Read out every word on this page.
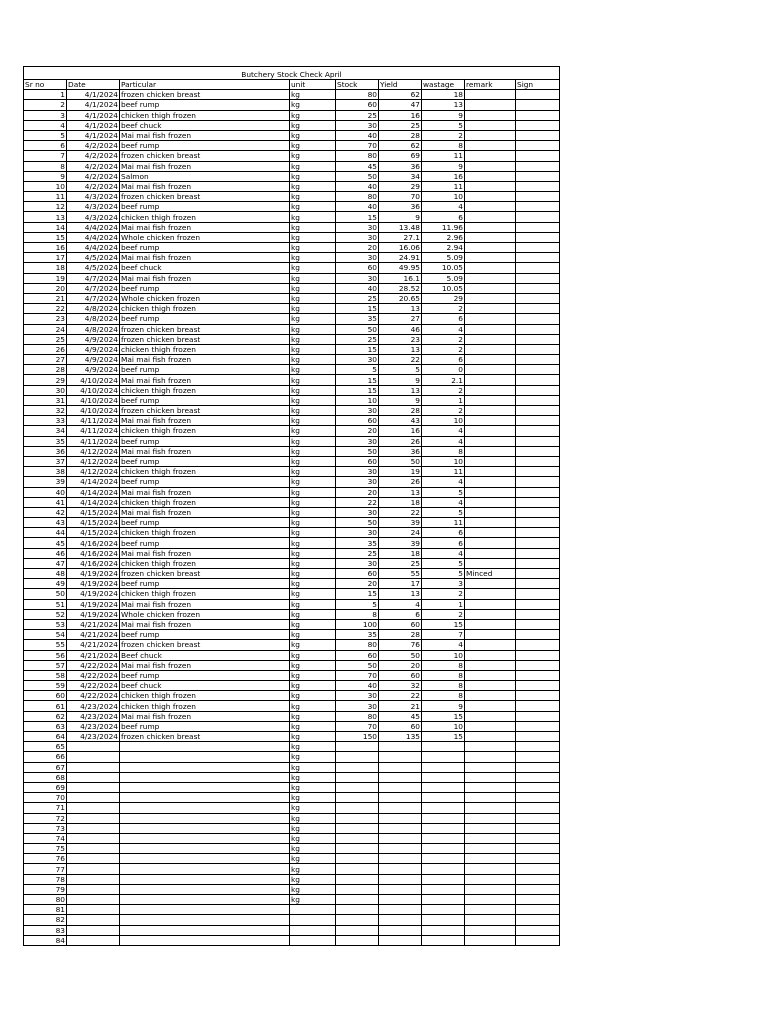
Butchery Stock Check April								
Sr no	Date	Particular	unit	Stock	Yield	wastage	remark	Sign
1	4/1/2024	frozen chicken breast	kg	80	62	18		
2	4/1/2024	beef rump	kg	60	47	13		
3	4/1/2024	chicken thigh frozen	kg	25	16	9		
4	4/1/2024	beef chuck	kg	30	25	5		
5	4/1/2024	Mai mai fish frozen	kg	40	28	2		
6	4/2/2024	beef rump	kg	70	62	8		
7	4/2/2024	frozen chicken breast	kg	80	69	11		
8	4/2/2024	Mai mai fish frozen	kg	45	36	9		
9	4/2/2024	Salmon	kg	50	34	16		
10	4/2/2024	Mai mai fish frozen	kg	40	29	11		
11	4/3/2024	frozen chicken breast	kg	80	70	10		
12	4/3/2024	beef rump	kg	40	36	4		
13	4/3/2024	chicken thigh frozen	kg	15	9	6		
14	4/4/2024	Mai mai fish frozen	kg	30	13.48	11.96		
15	4/4/2024	Whole chicken frozen	kg	30	27.1	2.96		
16	4/4/2024	beef rump	kg	20	16.06	2.94		
17	4/5/2024	Mai mai fish frozen	kg	30	24.91	5.09		
18	4/5/2024	beef chuck	kg	60	49.95	10.05		
19	4/7/2024	Mai mai fish frozen	kg	30	16.1	5.09		
20	4/7/2024	beef rump	kg	40	28.52	10.05		
21	4/7/2024	Whole chicken frozen	kg	25	20.65	29		
22	4/8/2024	chicken thigh frozen	kg	15	13	2		
23	4/8/2024	beef rump	kg	35	27	6		
24	4/8/2024	frozen chicken breast	kg	50	46	4		
25	4/9/2024	frozen chicken breast	kg	25	23	2		
26	4/9/2024	chicken thigh frozen	kg	15	13	2		
27	4/9/2024	Mai mai fish frozen	kg	30	22	6		
28	4/9/2024	beef rump	kg	5	5	0		
29	4/10/2024	Mai mai fish frozen	kg	15	9	2.1		
30	4/10/2024	chicken thigh frozen	kg	15	13	2		
31	4/10/2024	beef rump	kg	10	9	1		
32	4/10/2024	frozen chicken breast	kg	30	28	2		
33	4/11/2024	Mai mai fish frozen	kg	60	43	10		
34	4/11/2024	chicken thigh frozen	kg	20	16	4		
35	4/11/2024	beef rump	kg	30	26	4		
36	4/12/2024	Mai mai fish frozen	kg	50	36	8		
37	4/12/2024	beef rump	kg	60	50	10		
38	4/12/2024	chicken thigh frozen	kg	30	19	11		
39	4/14/2024	beef rump	kg	30	26	4		
40	4/14/2024	Mai mai fish frozen	kg	20	13	5		
41	4/14/2024	chicken thigh frozen	kg	22	18	4		
42	4/15/2024	Mai mai fish frozen	kg	30	22	5		
43	4/15/2024	beef rump	kg	50	39	11		
44	4/15/2024	chicken thigh frozen	kg	30	24	6		
45	4/16/2024	beef rump	kg	35	39	6		
46	4/16/2024	Mai mai fish frozen	kg	25	18	4		
47	4/16/2024	chicken thigh frozen	kg	30	25	5		
48	4/19/2024	frozen chicken breast	kg	60	55	5	Minced	
49	4/19/2024	beef rump	kg	20	17	3		
50	4/19/2024	chicken thigh frozen	kg	15	13	2		
51	4/19/2024	Mai mai fish frozen	kg	5	4	1		
52	4/19/2024	Whole chicken frozen	kg	8	6	2		
53	4/21/2024	Mai mai fish frozen	kg	100	60	15		
54	4/21/2024	beef rump	kg	35	28	7		
55	4/21/2024	frozen chicken breast	kg	80	76	4		
56	4/21/2024	Beef chuck	kg	60	50	10		
57	4/22/2024	Mai mai fish frozen	kg	50	20	8		
58	4/22/2024	beef rump	kg	70	60	8		
59	4/22/2024	beef chuck	kg	40	32	8		
60	4/22/2024	chicken thigh frozen	kg	30	22	8		
61	4/23/2024	chicken thigh frozen	kg	30	21	9		
62	4/23/2024	Mai mai fish frozen	kg	80	45	15		
63	4/23/2024	beef rump	kg	70	60	10		
64	4/23/2024	frozen chicken breast	kg	150	135	15		
65			kg					
66			kg					
67			kg					
68			kg					
69			kg					
70			kg					
71			kg					
72			kg					
73			kg					
74			kg					
75			kg					
76			kg					
77			kg					
78			kg					
79			kg					
80			kg					
81								
82								
83								
84								
